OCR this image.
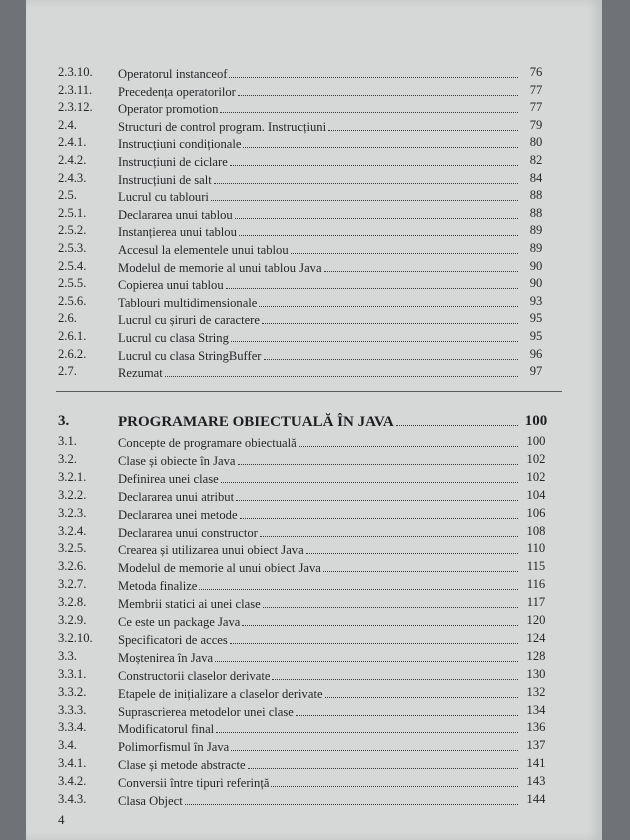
2.3.10. Operatorul instanceof	76
2.3.11. Precedența operatorilor	77
2.3.12. Operator promotion	77
2.4.	Structuri de control program. Instrucțiuni	79
2.4.1.	Instrucțiuni condiționale	80
2.4.2.	Instrucțiuni de ciclare	82
2.4.3.	Instrucțiuni de salt	84
2.5.	Lucrul cu tablouri	88
2.5.1.	Declararea unui tablou	88
2.5.2.	Instanțierea unui tablou	89
2.5.3.	Accesul la elementele unui tablou	89
2.5.4.	Modelul de memorie al unui tablou Java	90
2.5.5.	Copierea unui tablou	90
2.5.6.	Tablouri multidimensionale	93
2.6.	Lucrul cu șiruri de caractere	95
2.6.1.	Lucrul cu clasa String	95
2.6.2.	Lucrul cu clasa StringBuffer	96
2.7.	Rezumat	97
3.	PROGRAMARE OBIECTUALĂ ÎN JAVA	100
3.1.	Concepte de programare obiectuală	100
3.2.	Clase și obiecte în Java	102
3.2.1.	Definirea unei clase	102
3.2.2.	Declararea unui atribut	104
3.2.3.	Declararea unei metode	106
3.2.4.	Declararea unui constructor	108
3.2.5.	Crearea și utilizarea unui obiect Java	110
3.2.6.	Modelul de memorie al unui obiect Java	115
3.2.7.	Metoda finalize	116
3.2.8.	Membrii statici ai unei clase	117
3.2.9.	Ce este un package Java	120
3.2.10. Specificatori de acces	124
3.3.	Moștenirea în Java	128
3.3.1.	Constructorii claselor derivate	130
3.3.2.	Etapele de inițializare a claselor derivate	132
3.3.3.	Suprascrierea metodelor unei clase	134
3.3.4.	Modificatorul final	136
3.4.	Polimorfismul în Java	137
3.4.1.	Clase și metode abstracte	141
3.4.2.	Conversii între tipuri referință	143
3.4.3.	Clasa Object	144
4
